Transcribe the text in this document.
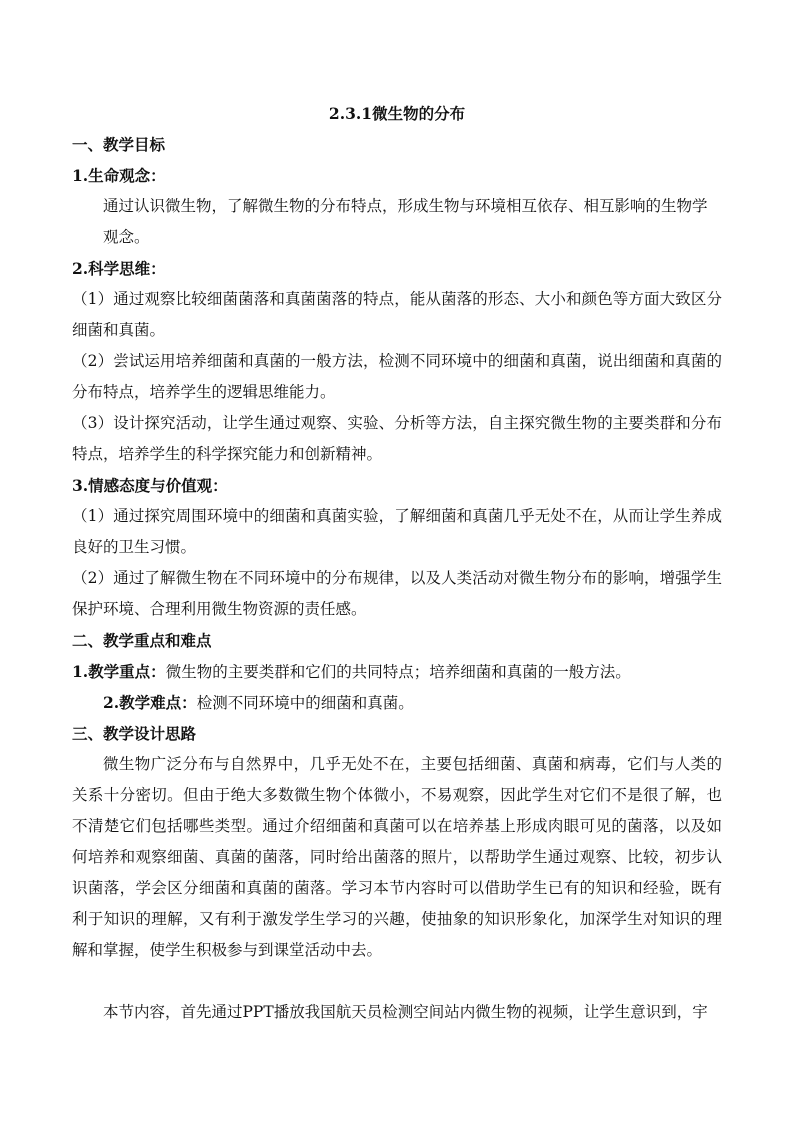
2.3.1微生物的分布
一、教学目标
1.生命观念：
通过认识微生物，了解微生物的分布特点，形成生物与环境相互依存、相互影响的生物学
观念。
2.科学思维：

（1）通过观察比较细菌菌落和真菌菌落的特点，能从菌落的形态、大小和颜色等方面大致区分细菌和真菌。

（2）尝试运用培养细菌和真菌的一般方法，检测不同环境中的细菌和真菌，说出细菌和真菌的分布特点，培养学生的逻辑思维能力。

（3）设计探究活动，让学生通过观察、实验、分析等方法，自主探究微生物的主要类群和分布特点，培养学生的科学探究能力和创新精神。

3.情感态度与价值观：

（1）通过探究周围环境中的细菌和真菌实验，了解细菌和真菌几乎无处不在，从而让学生养成良好的卫生习惯。

（2）通过了解微生物在不同环境中的分布规律，以及人类活动对微生物分布的影响，增强学生保护环境、合理利用微生物资源的责任感。

二、教学重点和难点
1.教学重点：微生物的主要类群和它们的共同特点；培养细菌和真菌的一般方法。
2.教学难点：检测不同环境中的细菌和真菌。
三、教学设计思路

微生物广泛分布与自然界中，几乎无处不在，主要包括细菌、真菌和病毒，它们与人类的关系十分密切。但由于绝大多数微生物个体微小，不易观察，因此学生对它们不是很了解，也不清楚它们包括哪些类型。通过介绍细菌和真菌可以在培养基上形成肉眼可见的菌落，以及如何培养和观察细菌、真菌的菌落，同时给出菌落的照片，以帮助学生通过观察、比较，初步认识菌落，学会区分细菌和真菌的菌落。学习本节内容时可以借助学生已有的知识和经验，既有利于知识的理解，又有利于激发学生学习的兴趣，使抽象的知识形象化，加深学生对知识的理解和掌握，使学生积极参与到课堂活动中去。

本节内容，首先通过PPT播放我国航天员检测空间站内微生物的视频，让学生意识到，宇
